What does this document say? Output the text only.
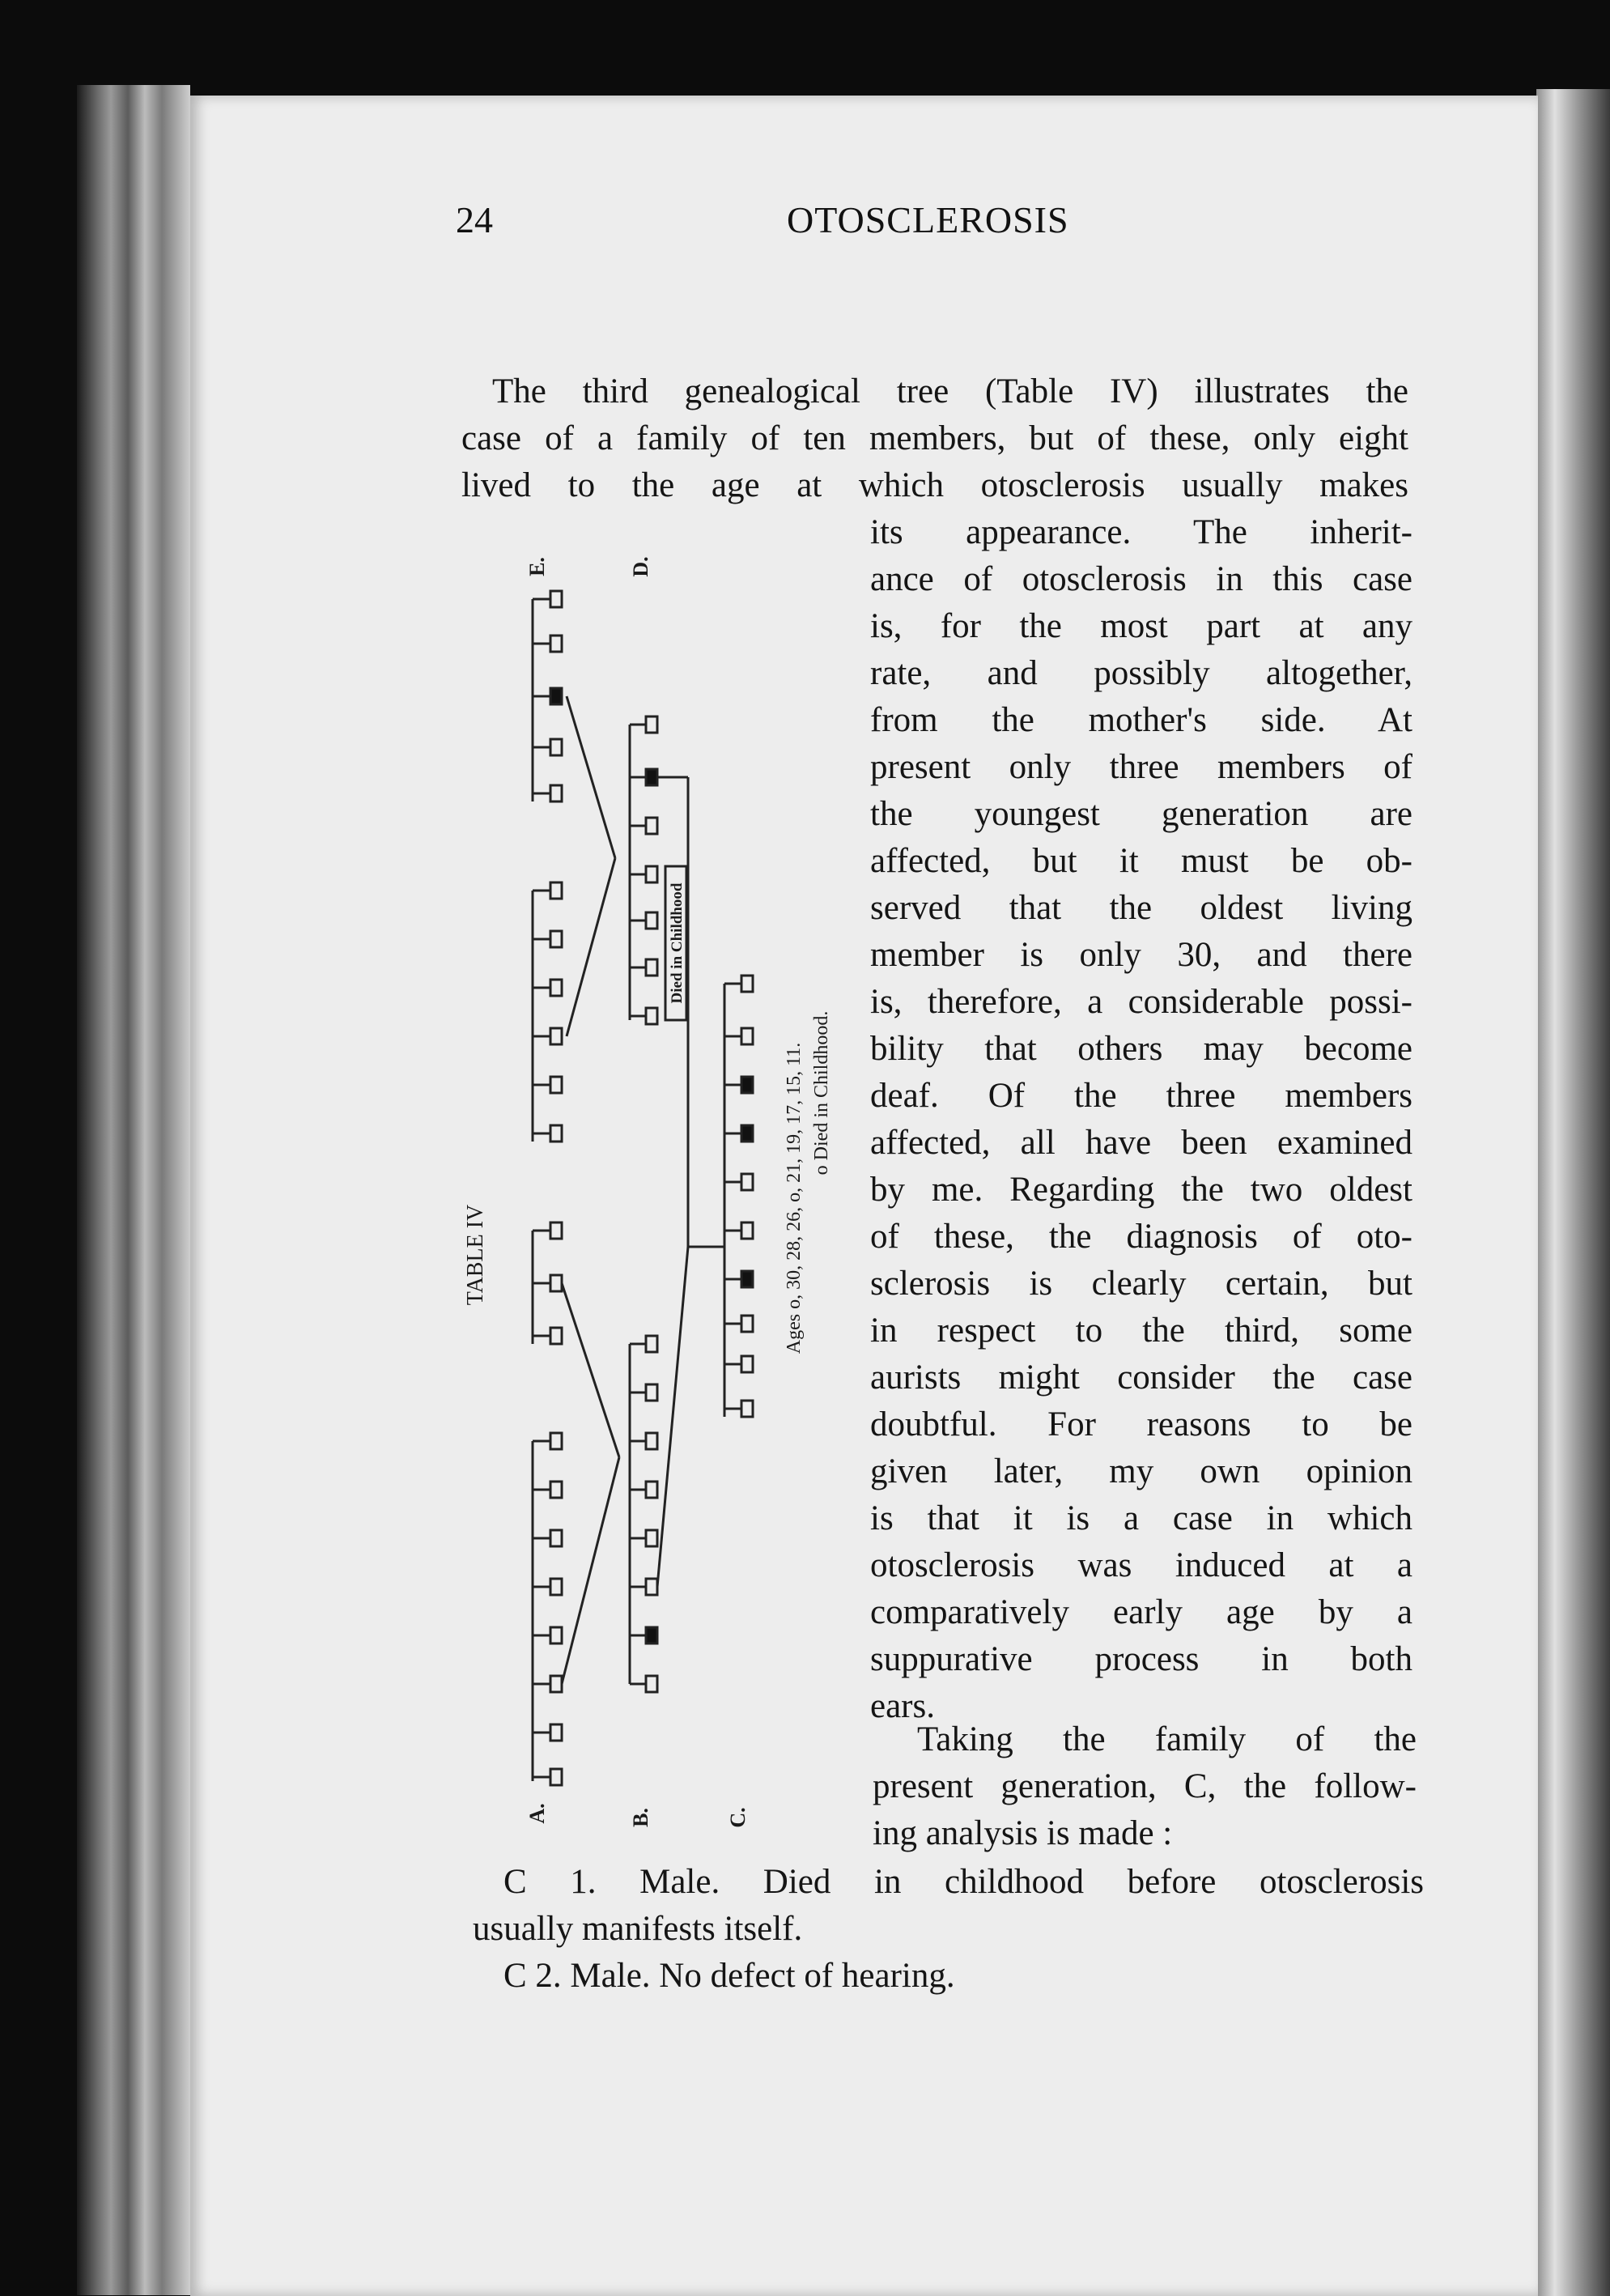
24	OTOSCLEROSIS
The third genealogical tree (Table IV) illustrates the
case of a family of ten members, but of these, only eight
lived to the age at which otosclerosis usually makes
its appearance. The inherit-
ance of otosclerosis in this case
is, for the most part at any
rate, and possibly altogether,
from the mother's side. At
present only three members of
the youngest generation are
affected, but it must be ob-
served that the oldest living
member is only 30, and there
is, therefore, a considerable possi-
bility that others may become
deaf. Of the three members
affected, all have been examined
by me. Regarding the two oldest
of these, the diagnosis of oto-
sclerosis is clearly certain, but
in respect to the third, some
aurists might consider the case
doubtful. For reasons to be
given later, my own opinion
is that it is a case in which
otosclerosis was induced at a
comparatively early age by a
suppurative process in both
ears.
Taking the family of the
present generation, C, the follow-
ing analysis is made :
C 1. Male. Died in childhood before otosclerosis
usually manifests itself.
C 2. Male. No defect of hearing.
TABLE IV
A.	B.	C.
D.
E.
Died in Childhood
Ages o, 30, 28, 26, o, 21, 19, 17, 15, 11. o Died in Childhood.
